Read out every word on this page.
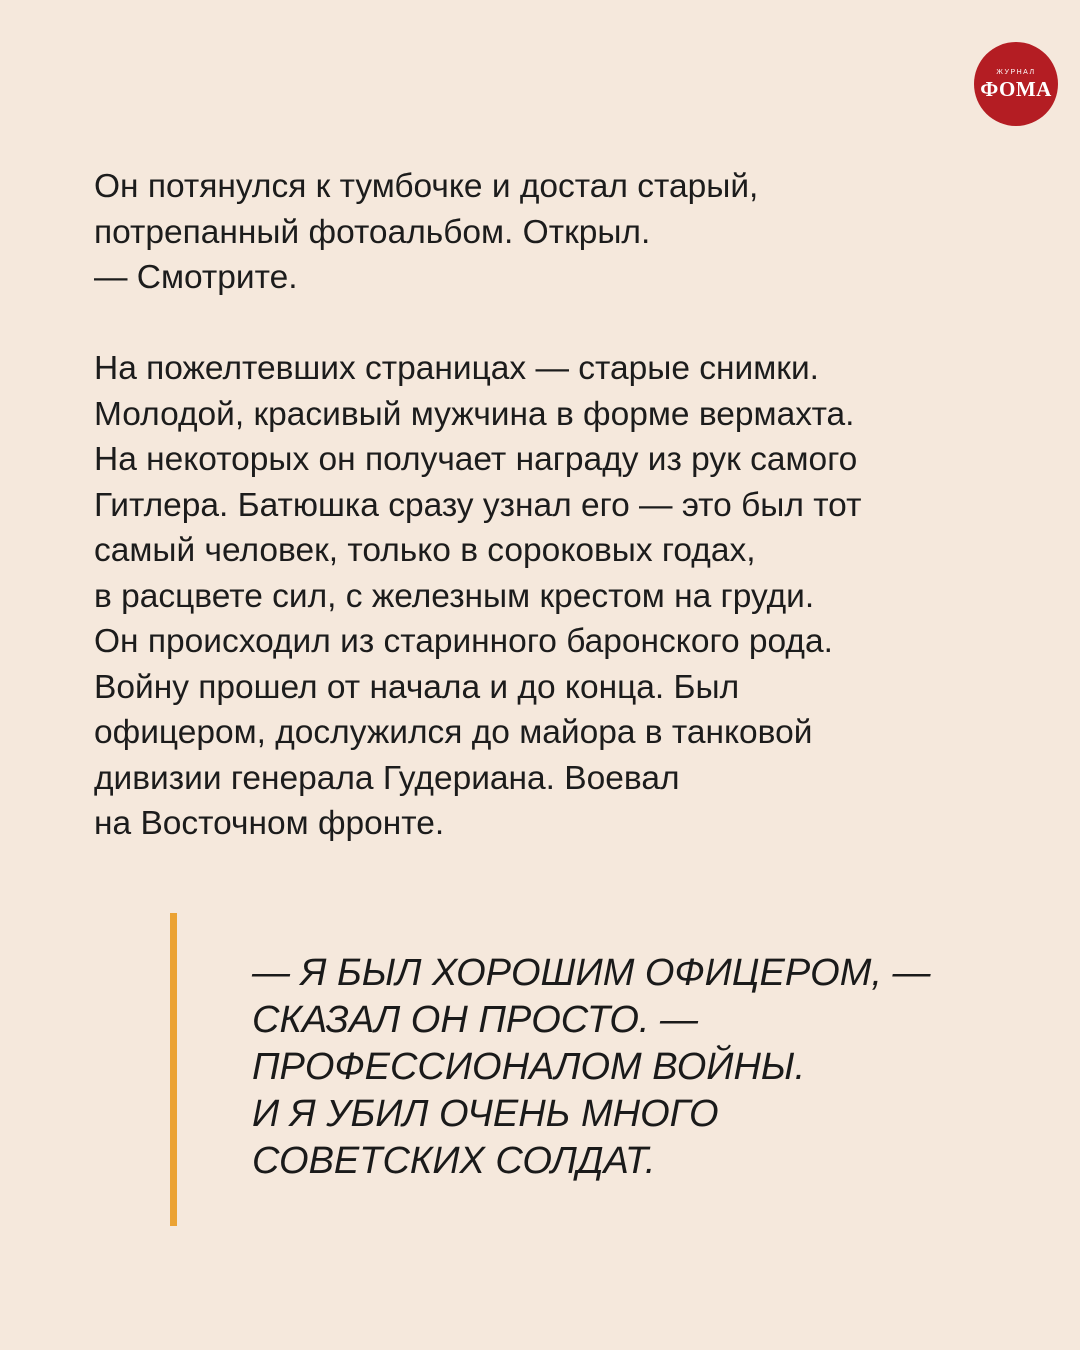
ЖУРНАЛ
ФОМА

Он потянулся к тумбочке и достал старый,
потрепанный фотоальбом. Открыл.
— Смотрите.

На пожелтевших страницах — старые снимки.
Молодой, красивый мужчина в форме вермахта.
На некоторых он получает награду из рук самого
Гитлера. Батюшка сразу узнал его — это был тот
самый человек, только в сороковых годах,
в расцвете сил, с железным крестом на груди.
Он происходил из старинного баронского рода.
Войну прошел от начала и до конца. Был
офицером, дослужился до майора в танковой
дивизии генерала Гудериана. Воевал
на Восточном фронте.

— Я БЫЛ ХОРОШИМ ОФИЦЕРОМ, —
СКАЗАЛ ОН ПРОСТО. —
ПРОФЕССИОНАЛОМ ВОЙНЫ.
И Я УБИЛ ОЧЕНЬ МНОГО
СОВЕТСКИХ СОЛДАТ.
